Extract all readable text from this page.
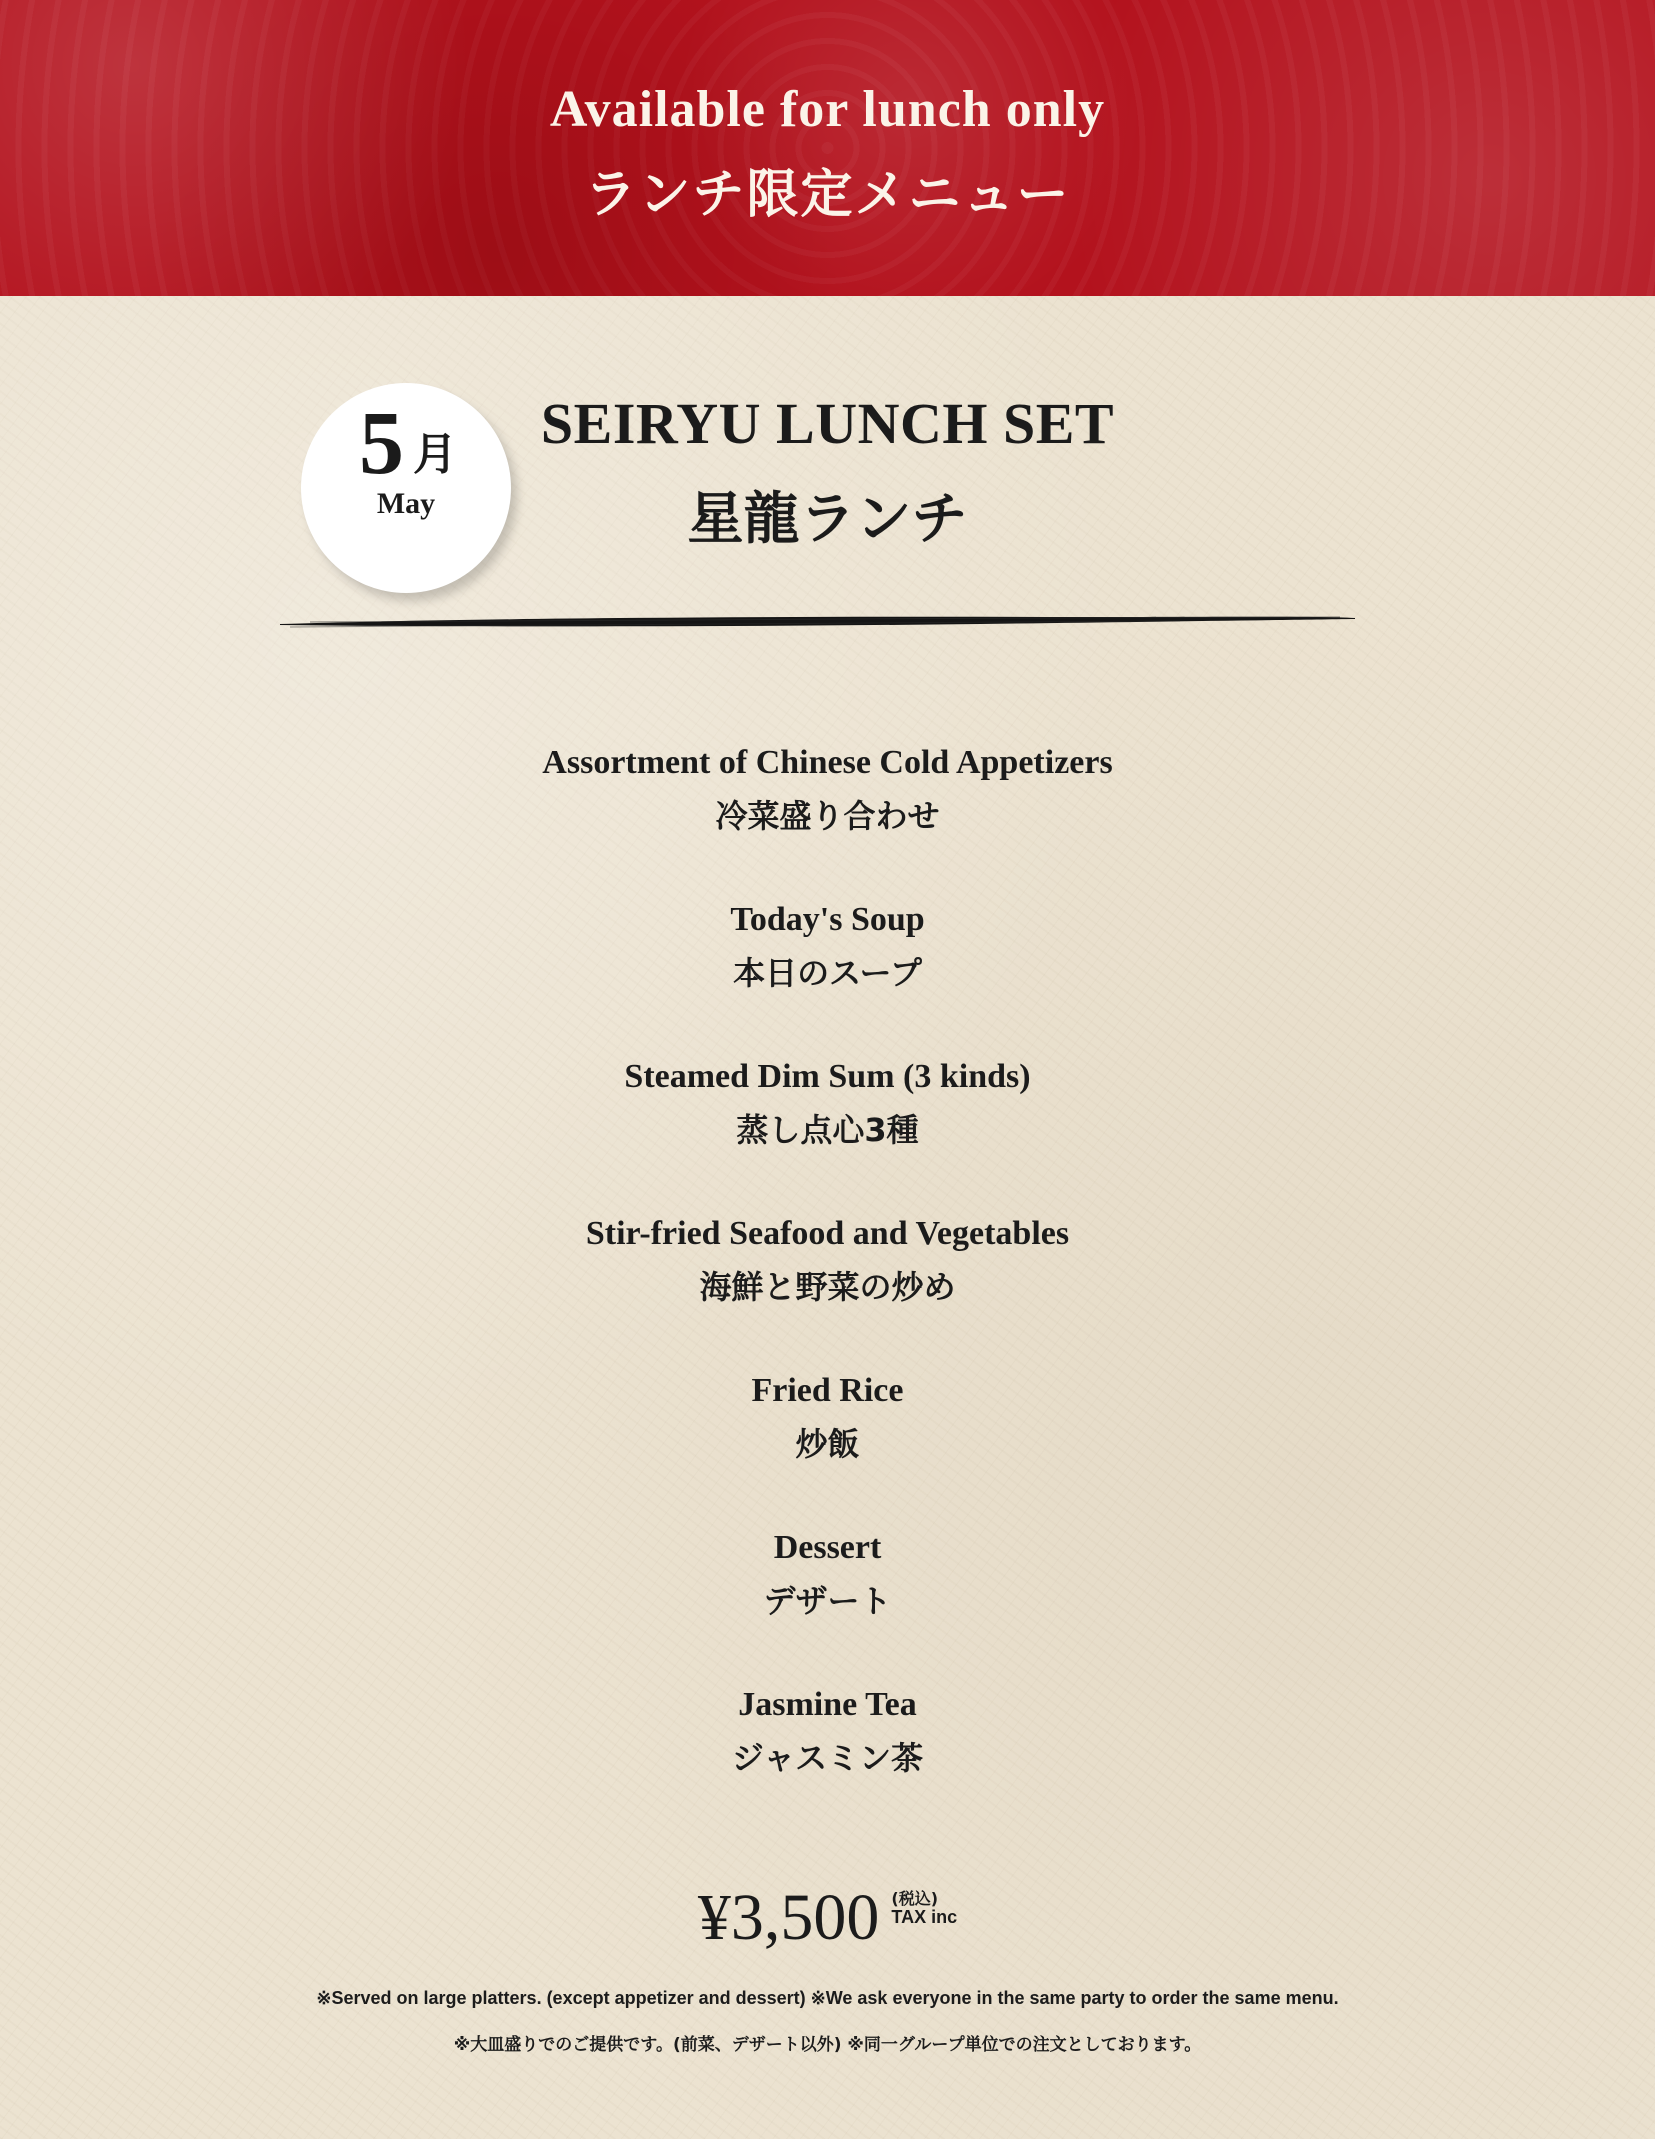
Available for lunch only
ランチ限定メニュー
5 月
May
SEIRYU LUNCH SET
星龍ランチ
Assortment of Chinese Cold Appetizers
冷菜盛り合わせ
Today's Soup
本日のスープ
Steamed Dim Sum (3 kinds)
蒸し点心3種
Stir-fried Seafood and Vegetables
海鮮と野菜の炒め
Fried Rice
炒飯
Dessert
デザート
Jasmine Tea
ジャスミン茶
¥3,500 (税込)
TAX inc
※Served on large platters. (except appetizer and dessert) ※We ask everyone in the same party to order the same menu.
※大皿盛りでのご提供です。(前菜、デザート以外) ※同一グループ単位での注文としております。
